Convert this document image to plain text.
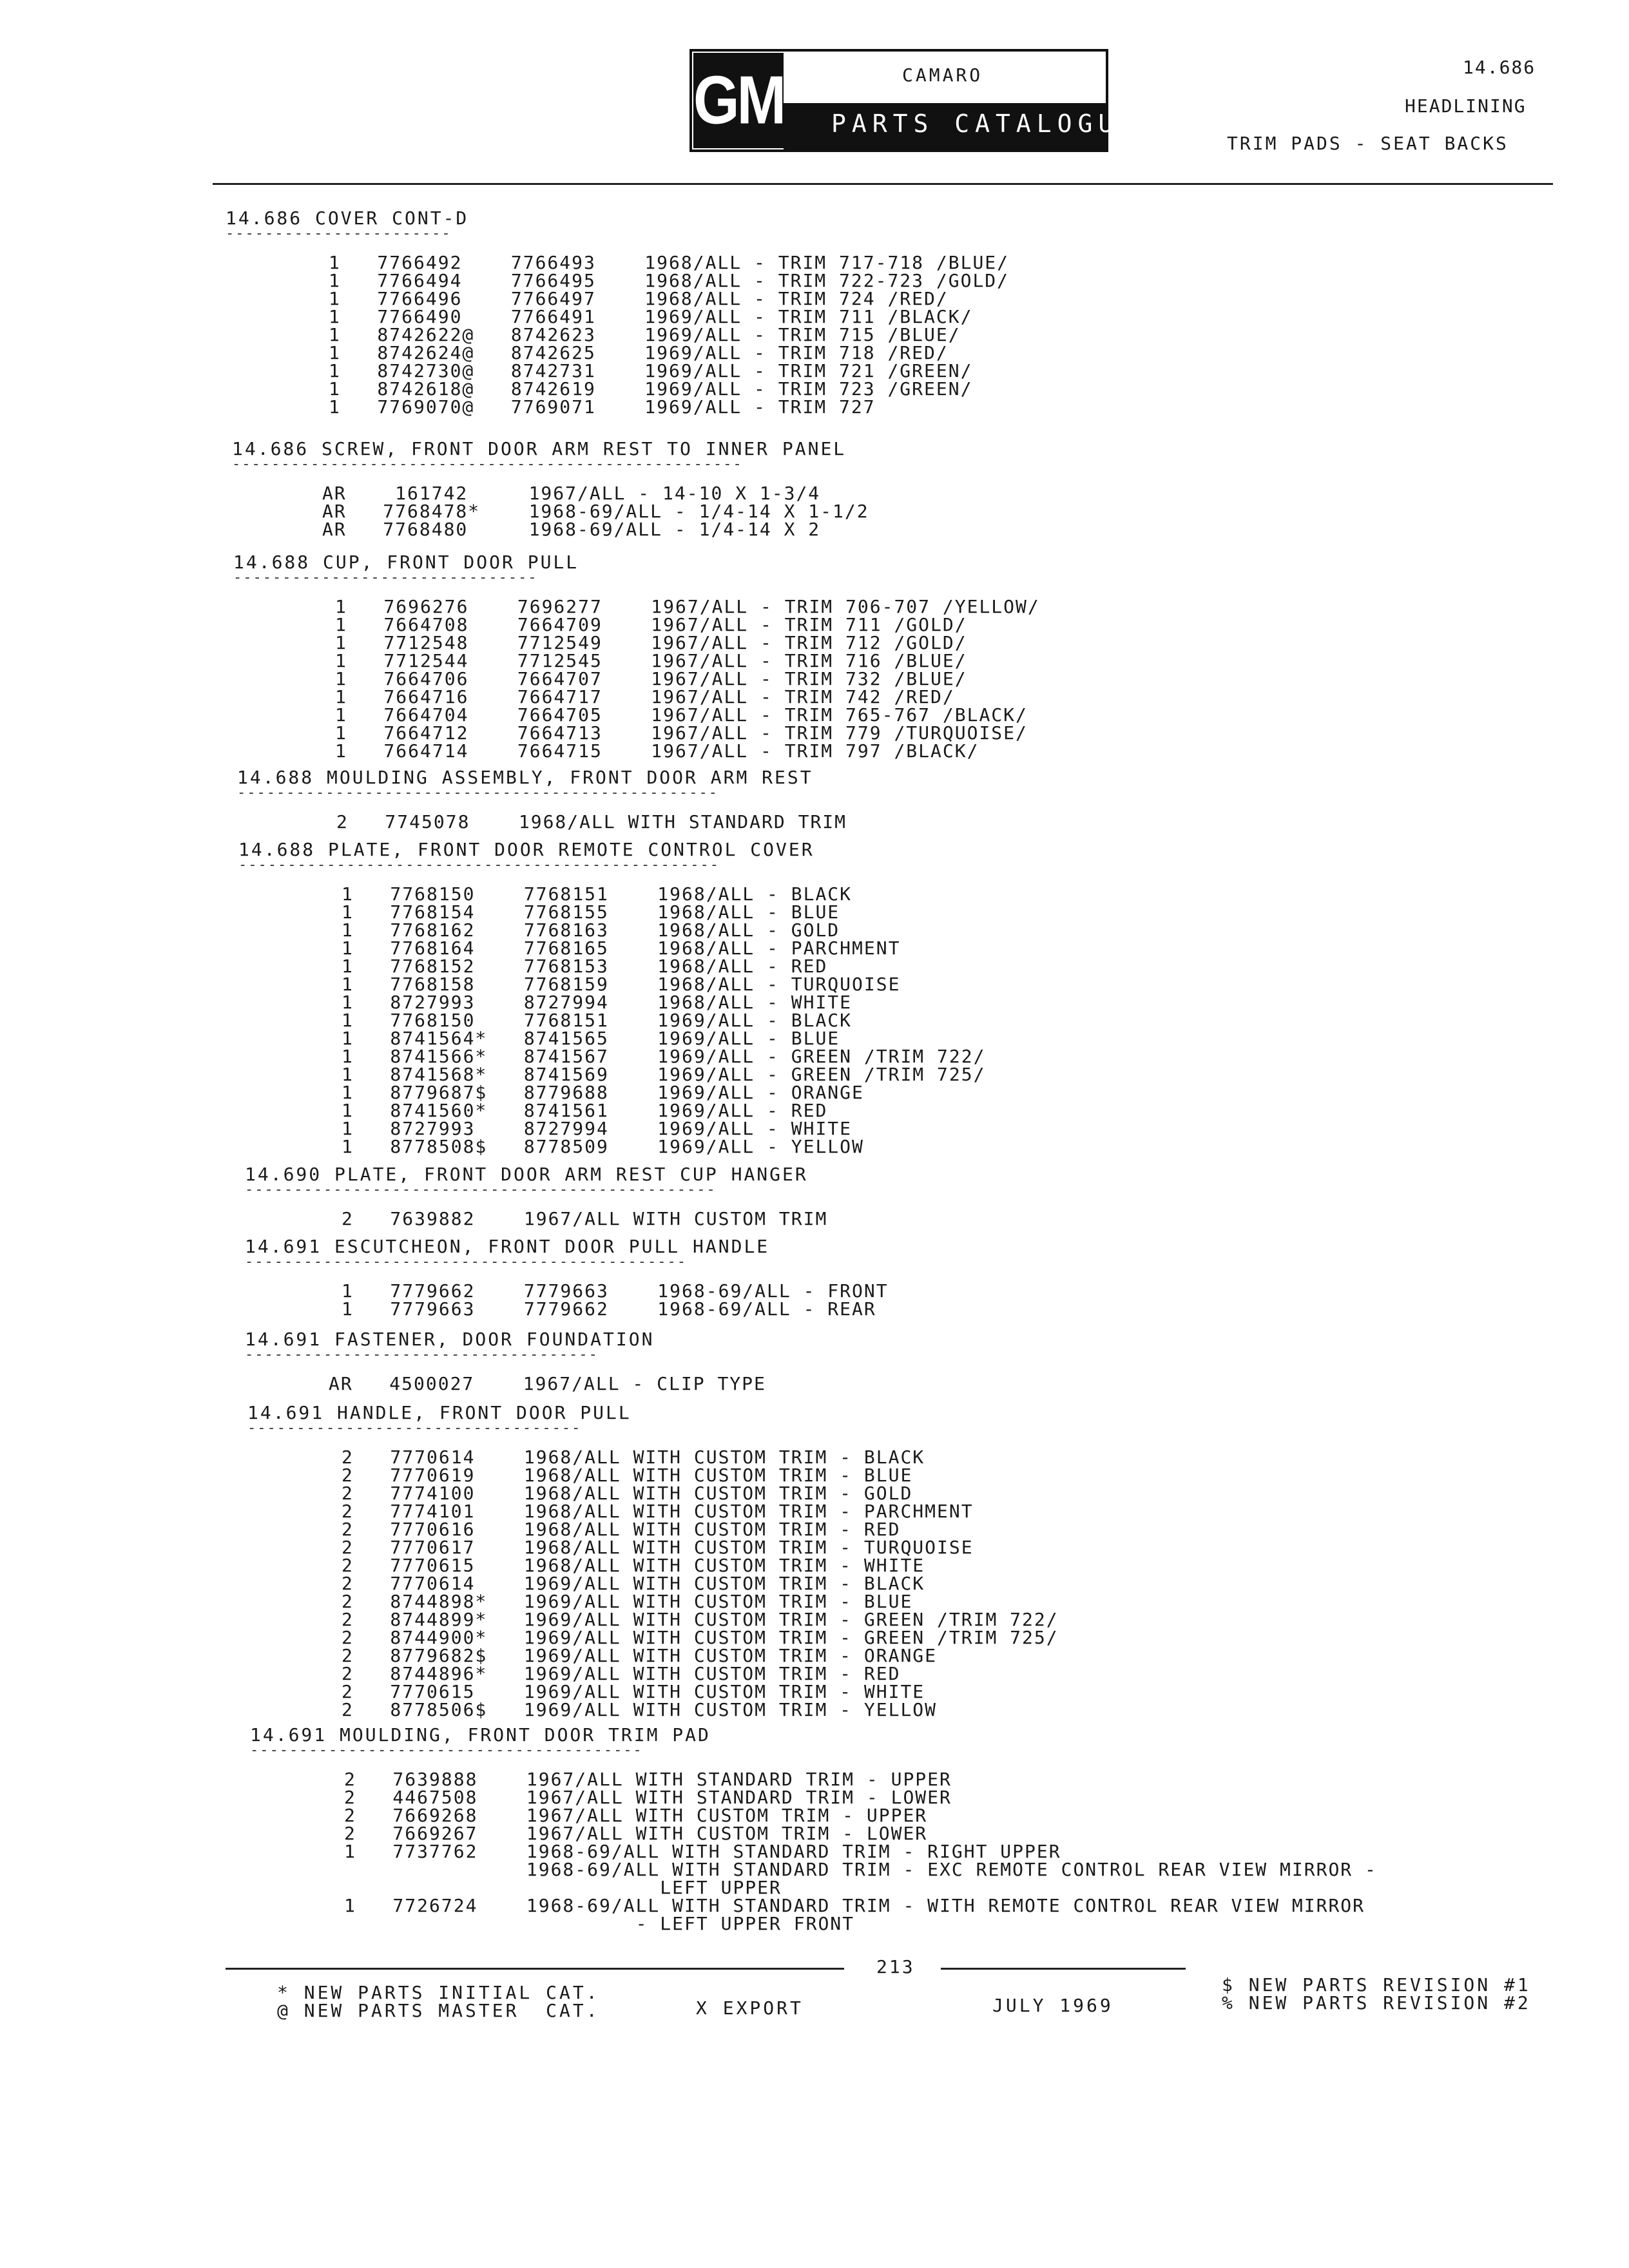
GM	CAMARO
PARTS CATALOGUE
14.686
HEADLINING
TRIM PADS - SEAT BACKS
14.686 COVER CONT-D
-----------------------
1   7766492    7766493    1968/ALL - TRIM 717-718 /BLUE/
1   7766494    7766495    1968/ALL - TRIM 722-723 /GOLD/
1   7766496    7766497    1968/ALL - TRIM 724 /RED/
1   7766490    7766491    1969/ALL - TRIM 711 /BLACK/
1   8742622@   8742623    1969/ALL - TRIM 715 /BLUE/
1   8742624@   8742625    1969/ALL - TRIM 718 /RED/
1   8742730@   8742731    1969/ALL - TRIM 721 /GREEN/
1   8742618@   8742619    1969/ALL - TRIM 723 /GREEN/
1   7769070@   7769071    1969/ALL - TRIM 727
14.686 SCREW, FRONT DOOR ARM REST TO INNER PANEL
----------------------------------------------------
AR    161742     1967/ALL - 14-10 X 1-3/4
AR   7768478*    1968-69/ALL - 1/4-14 X 1-1/2
AR   7768480     1968-69/ALL - 1/4-14 X 2
14.688 CUP, FRONT DOOR PULL
-------------------------------
1   7696276    7696277    1967/ALL - TRIM 706-707 /YELLOW/
1   7664708    7664709    1967/ALL - TRIM 711 /GOLD/
1   7712548    7712549    1967/ALL - TRIM 712 /GOLD/
1   7712544    7712545    1967/ALL - TRIM 716 /BLUE/
1   7664706    7664707    1967/ALL - TRIM 732 /BLUE/
1   7664716    7664717    1967/ALL - TRIM 742 /RED/
1   7664704    7664705    1967/ALL - TRIM 765-767 /BLACK/
1   7664712    7664713    1967/ALL - TRIM 779 /TURQUOISE/
1   7664714    7664715    1967/ALL - TRIM 797 /BLACK/
14.688 MOULDING ASSEMBLY, FRONT DOOR ARM REST
-------------------------------------------------
2   7745078    1968/ALL WITH STANDARD TRIM
14.688 PLATE, FRONT DOOR REMOTE CONTROL COVER
-------------------------------------------------
1   7768150    7768151    1968/ALL - BLACK
1   7768154    7768155    1968/ALL - BLUE
1   7768162    7768163    1968/ALL - GOLD
1   7768164    7768165    1968/ALL - PARCHMENT
1   7768152    7768153    1968/ALL - RED
1   7768158    7768159    1968/ALL - TURQUOISE
1   8727993    8727994    1968/ALL - WHITE
1   7768150    7768151    1969/ALL - BLACK
1   8741564*   8741565    1969/ALL - BLUE
1   8741566*   8741567    1969/ALL - GREEN /TRIM 722/
1   8741568*   8741569    1969/ALL - GREEN /TRIM 725/
1   8779687$   8779688    1969/ALL - ORANGE
1   8741560*   8741561    1969/ALL - RED
1   8727993    8727994    1969/ALL - WHITE
1   8778508$   8778509    1969/ALL - YELLOW
14.690 PLATE, FRONT DOOR ARM REST CUP HANGER
------------------------------------------------
2   7639882    1967/ALL WITH CUSTOM TRIM
14.691 ESCUTCHEON, FRONT DOOR PULL HANDLE
---------------------------------------------
1   7779662    7779663    1968-69/ALL - FRONT
1   7779663    7779662    1968-69/ALL - REAR
14.691 FASTENER, DOOR FOUNDATION
------------------------------------
AR   4500027    1967/ALL - CLIP TYPE
14.691 HANDLE, FRONT DOOR PULL
----------------------------------
2   7770614    1968/ALL WITH CUSTOM TRIM - BLACK
2   7770619    1968/ALL WITH CUSTOM TRIM - BLUE
2   7774100    1968/ALL WITH CUSTOM TRIM - GOLD
2   7774101    1968/ALL WITH CUSTOM TRIM - PARCHMENT
2   7770616    1968/ALL WITH CUSTOM TRIM - RED
2   7770617    1968/ALL WITH CUSTOM TRIM - TURQUOISE
2   7770615    1968/ALL WITH CUSTOM TRIM - WHITE
2   7770614    1969/ALL WITH CUSTOM TRIM - BLACK
2   8744898*   1969/ALL WITH CUSTOM TRIM - BLUE
2   8744899*   1969/ALL WITH CUSTOM TRIM - GREEN /TRIM 722/
2   8744900*   1969/ALL WITH CUSTOM TRIM - GREEN /TRIM 725/
2   8779682$   1969/ALL WITH CUSTOM TRIM - ORANGE
2   8744896*   1969/ALL WITH CUSTOM TRIM - RED
2   7770615    1969/ALL WITH CUSTOM TRIM - WHITE
2   8778506$   1969/ALL WITH CUSTOM TRIM - YELLOW
14.691 MOULDING, FRONT DOOR TRIM PAD
----------------------------------------
2   7639888    1967/ALL WITH STANDARD TRIM - UPPER
2   4467508    1967/ALL WITH STANDARD TRIM - LOWER
2   7669268    1967/ALL WITH CUSTOM TRIM - UPPER
2   7669267    1967/ALL WITH CUSTOM TRIM - LOWER
1   7737762    1968-69/ALL WITH STANDARD TRIM - RIGHT UPPER
1968-69/ALL WITH STANDARD TRIM - EXC REMOTE CONTROL REAR VIEW MIRROR -
LEFT UPPER
1   7726724    1968-69/ALL WITH STANDARD TRIM - WITH REMOTE CONTROL REAR VIEW MIRROR
- LEFT UPPER FRONT
213
* NEW PARTS INITIAL CAT.
@ NEW PARTS MASTER  CAT.	X EXPORT	JULY 1969
$ NEW PARTS REVISION #1
% NEW PARTS REVISION #2
